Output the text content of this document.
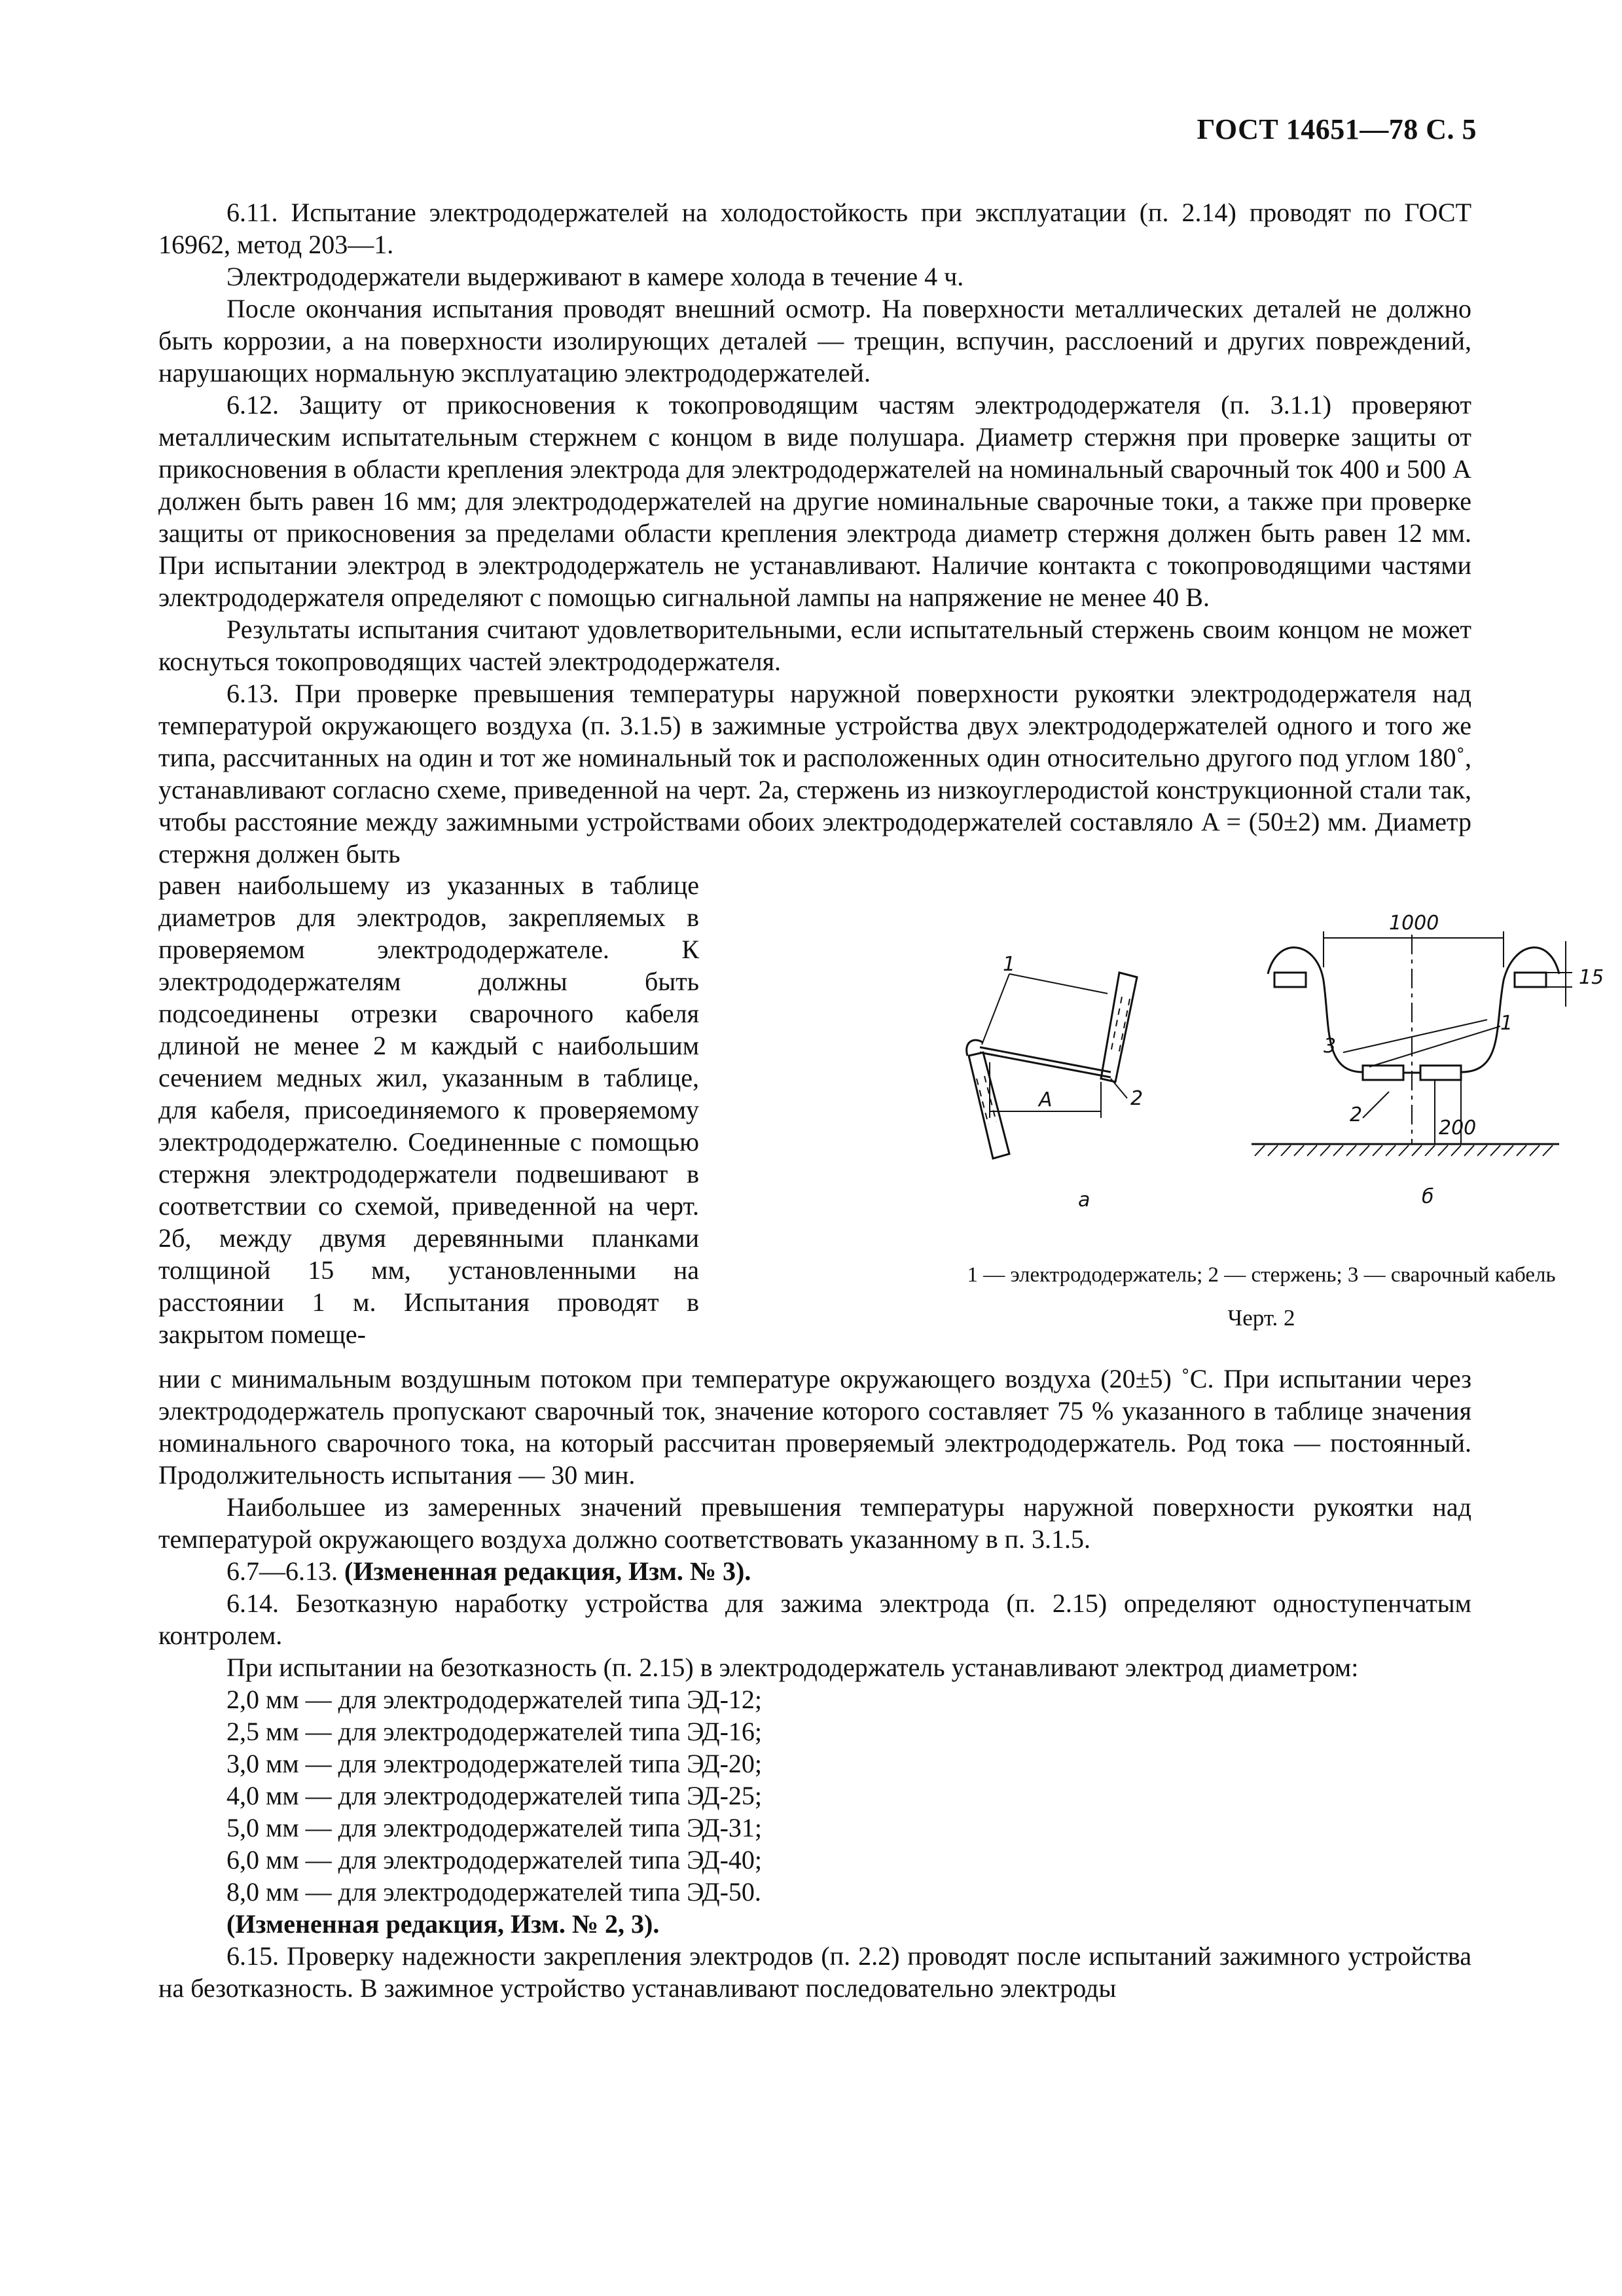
ГОСТ 14651—78 С. 5

6.11. Испытание электрододержателей на холодостойкость при эксплуатации (п. 2.14) проводят по ГОСТ 16962, метод 203—1.

Электрододержатели выдерживают в камере холода в течение 4 ч.

После окончания испытания проводят внешний осмотр. На поверхности металлических деталей не должно быть коррозии, а на поверхности изолирующих деталей — трещин, вспучин, расслоений и других повреждений, нарушающих нормальную эксплуатацию электрододержателей.

6.12. Защиту от прикосновения к токопроводящим частям электрододержателя (п. 3.1.1) проверяют металлическим испытательным стержнем с концом в виде полушара. Диаметр стержня при проверке защиты от прикосновения в области крепления электрода для электрододержателей на номинальный сварочный ток 400 и 500 А должен быть равен 16 мм; для электрододержателей на другие номинальные сварочные токи, а также при проверке защиты от прикосновения за пределами области крепления электрода диаметр стержня должен быть равен 12 мм. При испытании электрод в электрододержатель не устанавливают. Наличие контакта с токопроводящими частями электрододержателя определяют с помощью сигнальной лампы на напряжение не менее 40 В.

Результаты испытания считают удовлетворительными, если испытательный стержень своим концом не может коснуться токопроводящих частей электрододержателя.

6.13. При проверке превышения температуры наружной поверхности рукоятки электрододержателя над температурой окружающего воздуха (п. 3.1.5) в зажимные устройства двух электрододержателей одного и того же типа, рассчитанных на один и тот же номинальный ток и расположенных один относительно другого под углом 180˚, устанавливают согласно схеме, приведенной на черт. 2а, стержень из низкоуглеродистой конструкционной стали так, чтобы расстояние между зажимными устройствами обоих электрододержателей составляло A = (50±2) мм. Диаметр стержня должен быть

равен наибольшему из указанных в таблице диаметров для электродов, закрепляемых в проверяемом электрододержателе. К электрододержателям должны быть подсоединены отрезки сварочного кабеля длиной не менее 2 м каждый с наибольшим сечением медных жил, указанным в таблице, для кабеля, присоединяемого к проверяемому электрододержателю. Соединенные с помощью стержня электрододержатели подвешивают в соответствии со схемой, приведенной на черт. 2б, между двумя деревянными планками толщиной 15 мм, установленными на расстоянии 1 м. Испытания проводят в закрытом помеще-
1
2
A
а
1000
15
200
1
2
3
б
1 — электрододержатель; 2 — стержень; 3 — сварочный кабель
Черт. 2

нии с минимальным воздушным потоком при температуре окружающего воздуха (20±5) ˚С. При испытании через электрододержатель пропускают сварочный ток, значение которого составляет 75 % указанного в таблице значения номинального сварочного тока, на который рассчитан проверяемый электрододержатель. Род тока — постоянный. Продолжительность испытания — 30 мин.

Наибольшее из замеренных значений превышения температуры наружной поверхности рукоятки над температурой окружающего воздуха должно соответствовать указанному в п. 3.1.5.

6.7—6.13. (Измененная редакция, Изм. № 3).

6.14. Безотказную наработку устройства для зажима электрода (п. 2.15) определяют одноступенчатым контролем.

При испытании на безотказность (п. 2.15) в электрододержатель устанавливают электрод диаметром:

2,0 мм — для электрододержателей типа ЭД-12;

2,5 мм — для электрододержателей типа ЭД-16;

3,0 мм — для электрододержателей типа ЭД-20;

4,0 мм — для электрододержателей типа ЭД-25;

5,0 мм — для электрододержателей типа ЭД-31;

6,0 мм — для электрододержателей типа ЭД-40;

8,0 мм — для электрододержателей типа ЭД-50.

(Измененная редакция, Изм. № 2, 3).

6.15. Проверку надежности закрепления электродов (п. 2.2) проводят после испытаний зажимного устройства на безотказность. В зажимное устройство устанавливают последовательно электроды
